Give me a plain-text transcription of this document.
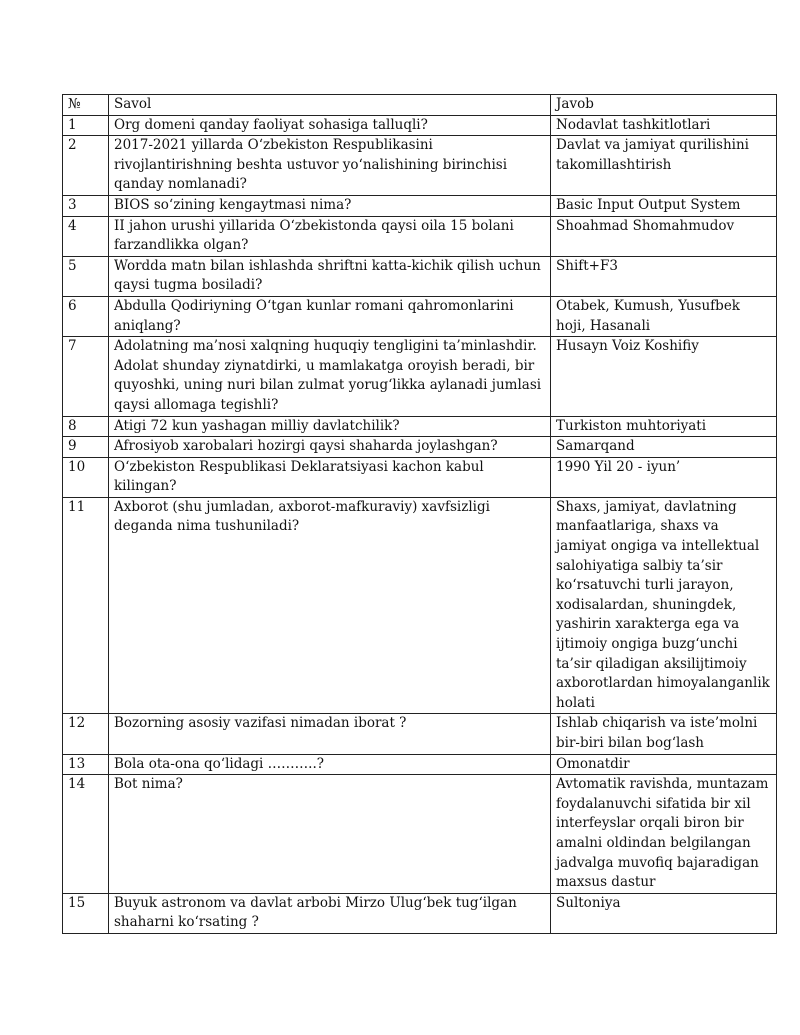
№	Savol	Javob
1	Org domeni qanday faoliyat sohasiga talluqli?	Nodavlat tashkitlotlari
2	2017-2021 yillarda O‘zbekiston Respublikasini rivojlantirishning beshta ustuvor yo‘nalishining birinchisi qanday nomlanadi?	Davlat va jamiyat qurilishini takomillashtirish
3	BIOS so‘zining kengaytmasi nima?	Basic Input Output System
4	II jahon urushi yillarida O‘zbekistonda qaysi oila 15 bolani farzandlikka olgan?	Shoahmad Shomahmudov
5	Wordda matn bilan ishlashda shriftni katta-kichik qilish uchun qaysi tugma bosiladi?	Shift+F3
6	Abdulla Qodiriyning O‘tgan kunlar romani qahromonlarini aniqlang?	Otabek, Kumush, Yusufbek hoji, Hasanali
7	Adolatning ma’nosi xalqning huquqiy tengligini ta’minlashdir. Adolat shunday ziynatdirki, u mamlakatga oroyish beradi, bir quyoshki, uning nuri bilan zulmat yorug‘likka aylanadi jumlasi qaysi allomaga tegishli?	Husayn Voiz Koshifiy
8	Atigi 72 kun yashagan milliy davlatchilik?	Turkiston muhtoriyati
9	Afrosiyob xarobalari hozirgi qaysi shaharda joylashgan?	Samarqand
10	O‘zbekiston Respublikasi Deklaratsiyasi kachon kabul kilingan?	1990 Yil 20 - iyun’
11	Axborot (shu jumladan, axborot-mafkuraviy) xavfsizligi deganda nima tushuniladi?	Shaxs, jamiyat, davlatning manfaatlariga, shaxs va jamiyat ongiga va intellektual salohiyatiga salbiy ta’sir ko‘rsatuvchi turli jarayon, xodisalardan, shuningdek, yashirin xarakterga ega va ijtimoiy ongiga buzg‘unchi ta’sir qiladigan aksilijtimoiy axborotlardan himoyalanganlik holati
12	Bozorning asosiy vazifasi nimadan iborat ?	Ishlab chiqarish va iste’molni bir-biri bilan bog‘lash
13	Bola ota-ona qo‘lidagi ………..?	Omonatdir
14	Bot nima?	Avtomatik ravishda, muntazam foydalanuvchi sifatida bir xil interfeyslar orqali biron bir amalni oldindan belgilangan jadvalga muvofiq bajaradigan maxsus dastur
15	Buyuk astronom va davlat arbobi Mirzo Ulug‘bek tug‘ilgan shaharni ko‘rsating ?	Sultoniya
